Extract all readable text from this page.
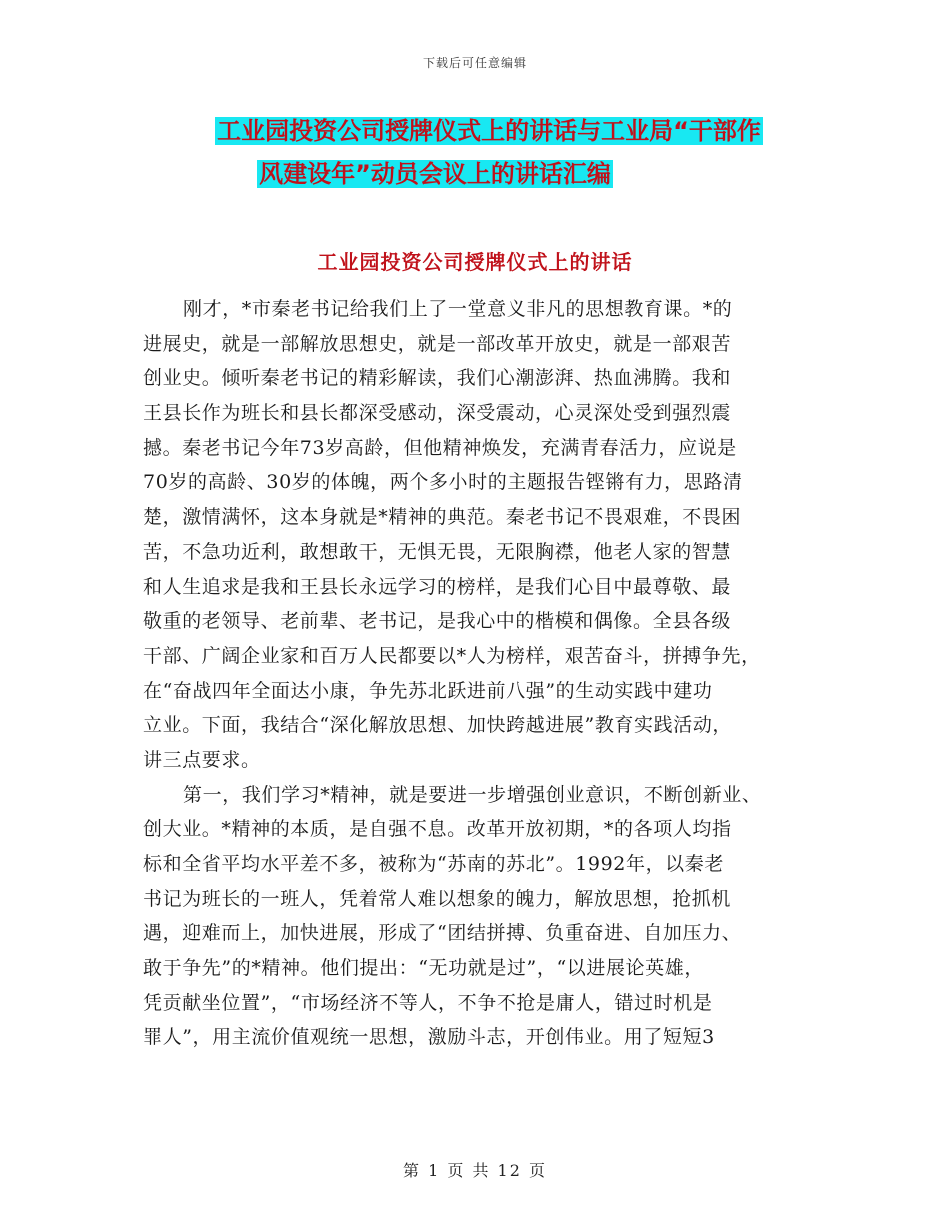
下载后可任意编辑
工业园投资公司授牌仪式上的讲话与工业局“干部作
风建设年”动员会议上的讲话汇编
工业园投资公司授牌仪式上的讲话
刚才，*市秦老书记给我们上了一堂意义非凡的思想教育课。*的
进展史，就是一部解放思想史，就是一部改革开放史，就是一部艰苦
创业史。倾听秦老书记的精彩解读，我们心潮澎湃、热血沸腾。我和
王县长作为班长和县长都深受感动，深受震动，心灵深处受到强烈震
撼。秦老书记今年73岁高龄，但他精神焕发，充满青春活力，应说是
70岁的高龄、30岁的体魄，两个多小时的主题报告铿锵有力，思路清
楚，激情满怀，这本身就是*精神的典范。秦老书记不畏艰难，不畏困
苦，不急功近利，敢想敢干，无惧无畏，无限胸襟，他老人家的智慧
和人生追求是我和王县长永远学习的榜样，是我们心目中最尊敬、最
敬重的老领导、老前辈、老书记，是我心中的楷模和偶像。全县各级
干部、广阔企业家和百万人民都要以*人为榜样，艰苦奋斗，拼搏争先，
在“奋战四年全面达小康，争先苏北跃进前八强”的生动实践中建功
立业。下面，我结合“深化解放思想、加快跨越进展”教育实践活动，
讲三点要求。
第一，我们学习*精神，就是要进一步增强创业意识，不断创新业、
创大业。*精神的本质，是自强不息。改革开放初期，*的各项人均指
标和全省平均水平差不多，被称为“苏南的苏北”。1992年，以秦老
书记为班长的一班人，凭着常人难以想象的魄力，解放思想，抢抓机
遇，迎难而上，加快进展，形成了“团结拼搏、负重奋进、自加压力、
敢于争先”的*精神。他们提出：“无功就是过”，“以进展论英雄，
凭贡献坐位置”，“市场经济不等人，不争不抢是庸人，错过时机是
罪人”，用主流价值观统一思想，激励斗志，开创伟业。用了短短3
第 1 页 共 12 页
